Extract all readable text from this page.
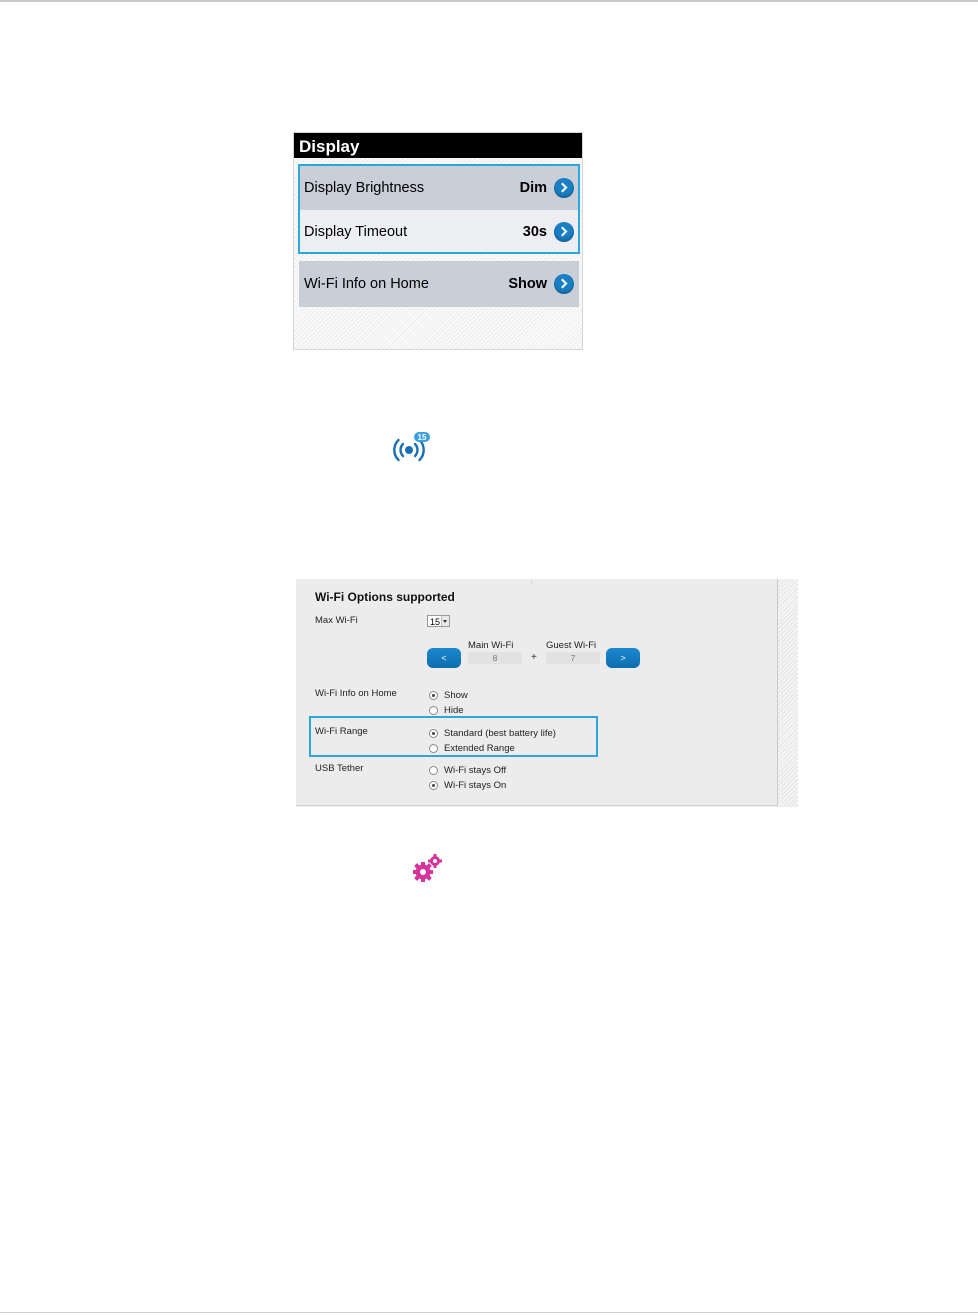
Display
Display Brightness	Dim
Display Timeout	30s
Wi-Fi Info on Home	Show
15
Wi-Fi Options supported
Max Wi-Fi	15
Main Wi-Fi	Guest Wi-Fi
<	8	+	7	>
Wi-Fi Info on Home	Show
Hide
Wi-Fi Range	Standard (best battery life)
Extended Range
USB Tether	Wi-Fi stays Off
Wi-Fi stays On
